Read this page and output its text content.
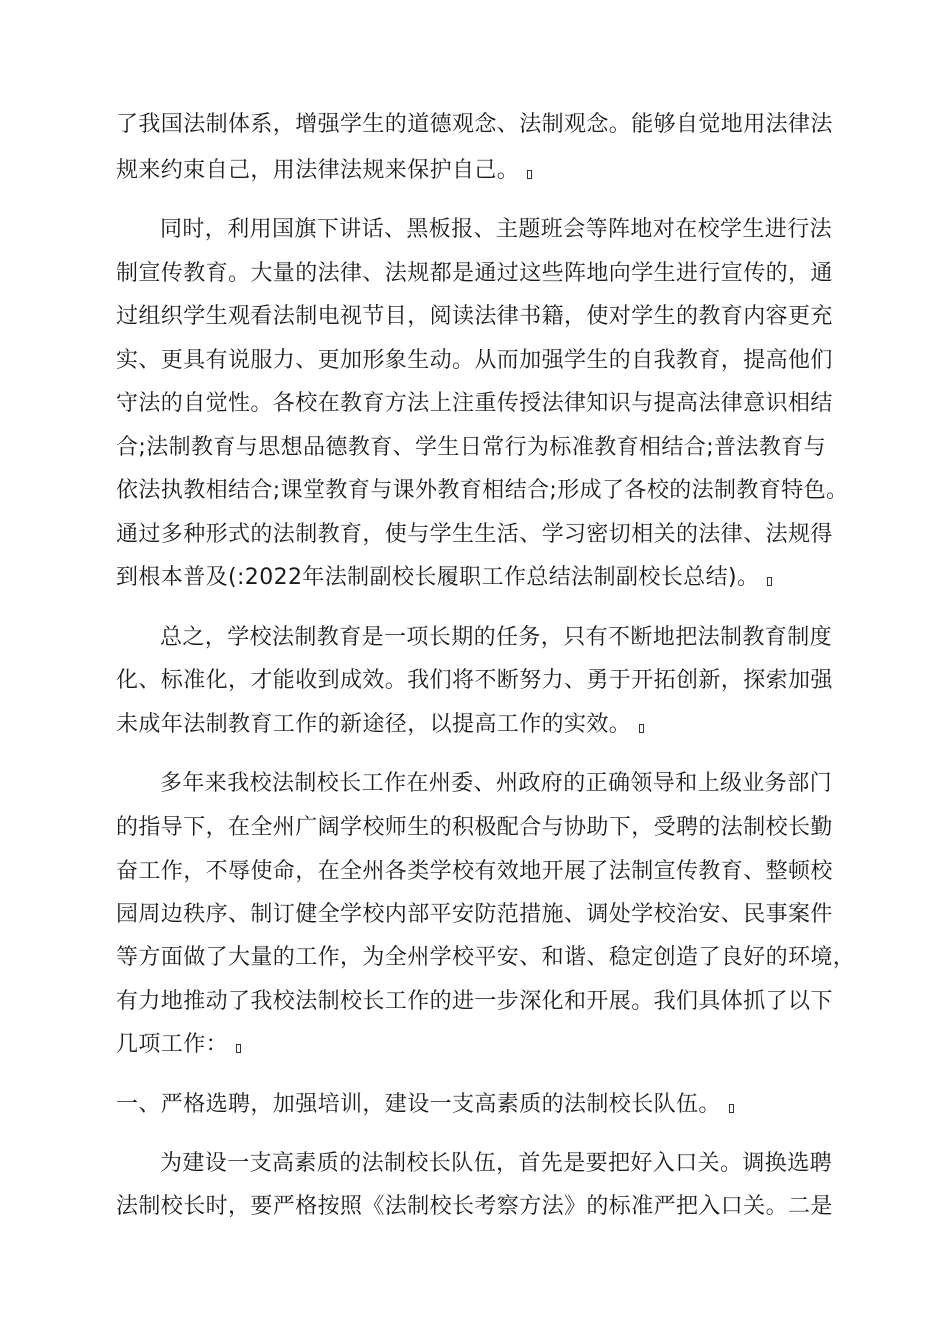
了我国法制体系，增强学生的道德观念、法制观念。能够自觉地用法律法
规来约束自己，用法律法规来保护自己。
同时，利用国旗下讲话、黑板报、主题班会等阵地对在校学生进行法
制宣传教育。大量的法律、法规都是通过这些阵地向学生进行宣传的，通
过组织学生观看法制电视节目，阅读法律书籍，使对学生的教育内容更充
实、更具有说服力、更加形象生动。从而加强学生的自我教育，提高他们
守法的自觉性。各校在教育方法上注重传授法律知识与提高法律意识相结
合;法制教育与思想品德教育、学生日常行为标准教育相结合;普法教育与
依法执教相结合;课堂教育与课外教育相结合;形成了各校的法制教育特色。
通过多种形式的法制教育，使与学生生活、学习密切相关的法律、法规得
到根本普及(:2022年法制副校长履职工作总结法制副校长总结)。
总之，学校法制教育是一项长期的任务，只有不断地把法制教育制度
化、标准化，才能收到成效。我们将不断努力、勇于开拓创新，探索加强
未成年法制教育工作的新途径，以提高工作的实效。
多年来我校法制校长工作在州委、州政府的正确领导和上级业务部门
的指导下，在全州广阔学校师生的积极配合与协助下，受聘的法制校长勤
奋工作，不辱使命，在全州各类学校有效地开展了法制宣传教育、整顿校
园周边秩序、制订健全学校内部平安防范措施、调处学校治安、民事案件
等方面做了大量的工作，为全州学校平安、和谐、稳定创造了良好的环境，
有力地推动了我校法制校长工作的进一步深化和开展。我们具体抓了以下
几项工作：
一、严格选聘，加强培训，建设一支高素质的法制校长队伍。
为建设一支高素质的法制校长队伍，首先是要把好入口关。调换选聘
法制校长时，要严格按照《法制校长考察方法》的标准严把入口关。二是
